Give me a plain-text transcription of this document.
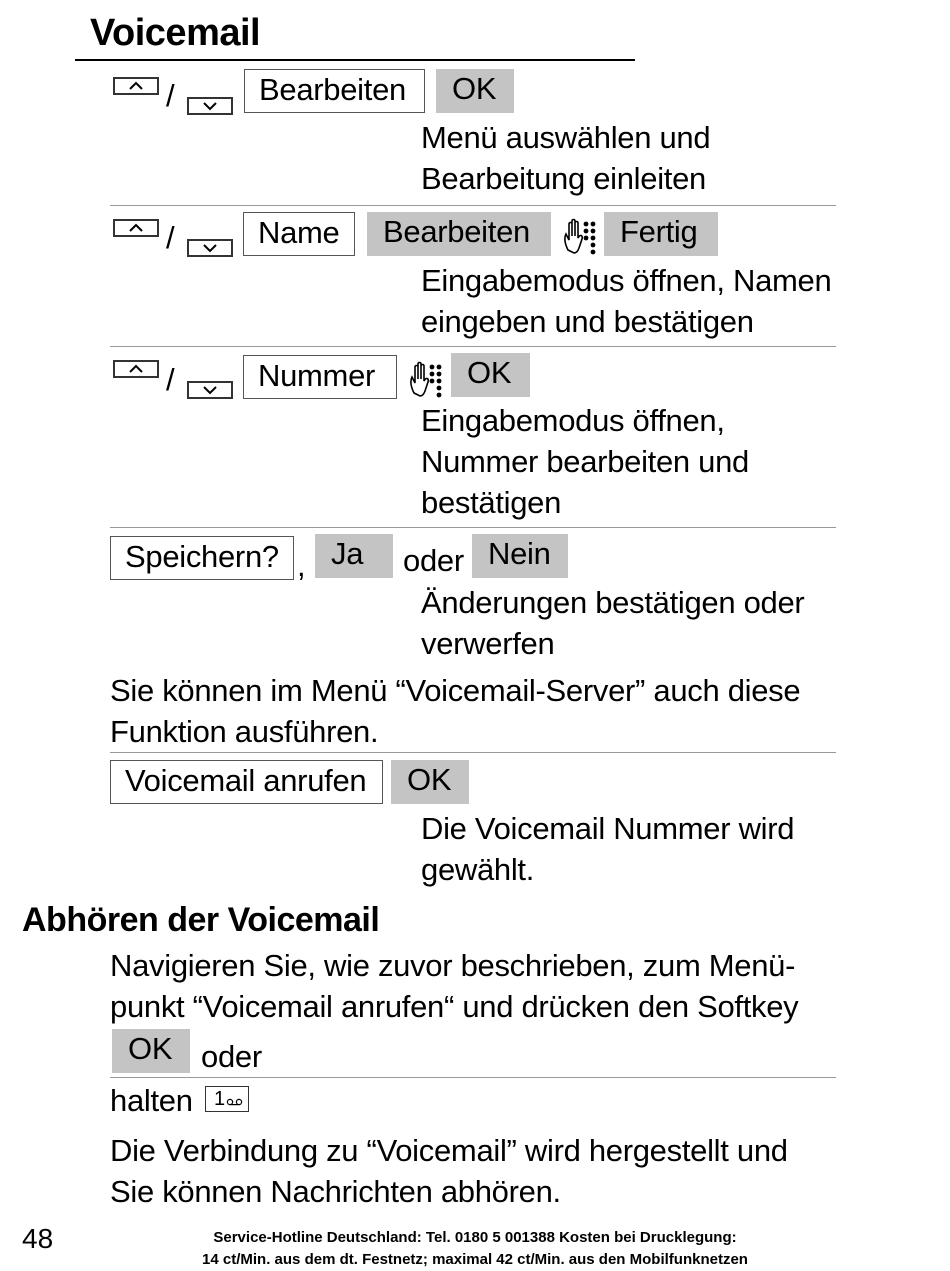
Voicemail
/	Bearbeiten	OK
Menü auswählen und
Bearbeitung einleiten
/	Name	Bearbeiten	Fertig
Eingabemodus öffnen, Namen
eingeben und bestätigen
/	Nummer	OK
Eingabemodus öffnen,
Nummer bearbeiten und
bestätigen
Speichern? , Ja	oder Nein
Änderungen bestätigen oder
verwerfen
Sie können im Menü “Voicemail-Server” auch diese
Funktion ausführen.
Voicemail anrufen	OK
Die Voicemail Nummer wird
gewählt.
Abhören der Voicemail
Navigieren Sie, wie zuvor beschrieben, zum Menü-
punkt “Voicemail anrufen“ und drücken den Softkey
OK oder
halten 1
Die Verbindung zu “Voicemail” wird hergestellt und
Sie können Nachrichten abhören.
48	Service-Hotline Deutschland: Tel. 0180 5 001388 Kosten bei Drucklegung:
14 ct/Min. aus dem dt. Festnetz; maximal 42 ct/Min. aus den Mobilfunknetzen
